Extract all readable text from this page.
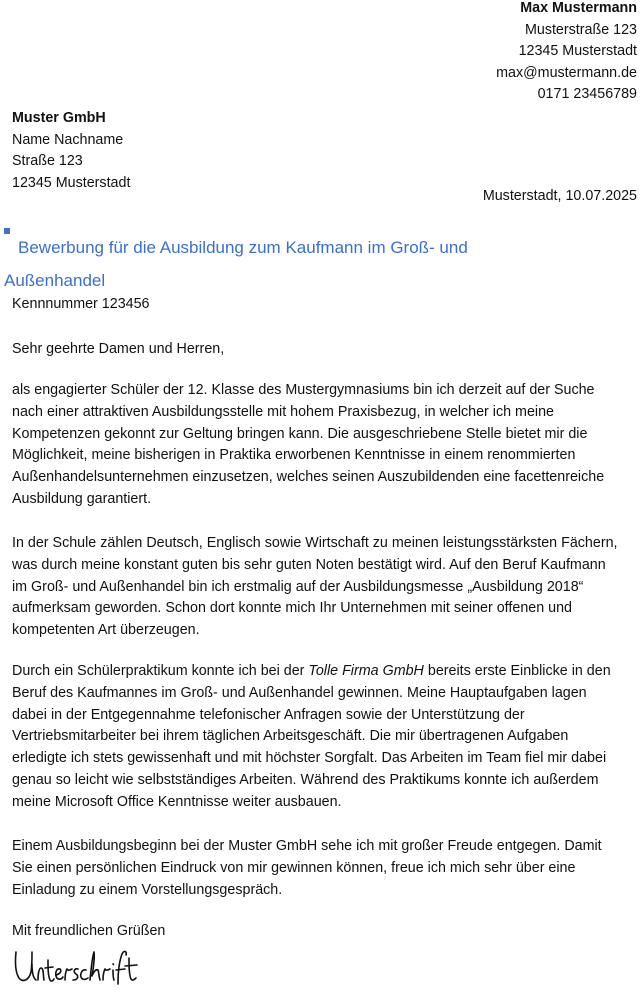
Max Mustermann
Musterstraße 123
12345 Musterstadt
max@mustermann.de
0171 23456789
Muster GmbH
Name Nachname
Straße 123
12345 Musterstadt
Musterstadt, 10.07.2025
Bewerbung für die Ausbildung zum Kaufmann im Groß- und
Außenhandel
Kennnummer 123456
Sehr geehrte Damen und Herren,
als engagierter Schüler der 12. Klasse des Mustergymnasiums bin ich derzeit auf der Suche
nach einer attraktiven Ausbildungsstelle mit hohem Praxisbezug, in welcher ich meine
Kompetenzen gekonnt zur Geltung bringen kann. Die ausgeschriebene Stelle bietet mir die
Möglichkeit, meine bisherigen in Praktika erworbenen Kenntnisse in einem renommierten
Außenhandelsunternehmen einzusetzen, welches seinen Auszubildenden eine facettenreiche
Ausbildung garantiert.
In der Schule zählen Deutsch, Englisch sowie Wirtschaft zu meinen leistungsstärksten Fächern,
was durch meine konstant guten bis sehr guten Noten bestätigt wird. Auf den Beruf Kaufmann
im Groß- und Außenhandel bin ich erstmalig auf der Ausbildungsmesse „Ausbildung 2018“
aufmerksam geworden. Schon dort konnte mich Ihr Unternehmen mit seiner offenen und
kompetenten Art überzeugen.
Durch ein Schülerpraktikum konnte ich bei der Tolle Firma GmbH bereits erste Einblicke in den
Beruf des Kaufmannes im Groß- und Außenhandel gewinnen. Meine Hauptaufgaben lagen
dabei in der Entgegennahme telefonischer Anfragen sowie der Unterstützung der
Vertriebsmitarbeiter bei ihrem täglichen Arbeitsgeschäft. Die mir übertragenen Aufgaben
erledigte ich stets gewissenhaft und mit höchster Sorgfalt. Das Arbeiten im Team fiel mir dabei
genau so leicht wie selbstständiges Arbeiten. Während des Praktikums konnte ich außerdem
meine Microsoft Office Kenntnisse weiter ausbauen.
Einem Ausbildungsbeginn bei der Muster GmbH sehe ich mit großer Freude entgegen. Damit
Sie einen persönlichen Eindruck von mir gewinnen können, freue ich mich sehr über eine
Einladung zu einem Vorstellungsgespräch.
Mit freundlichen Grüßen
